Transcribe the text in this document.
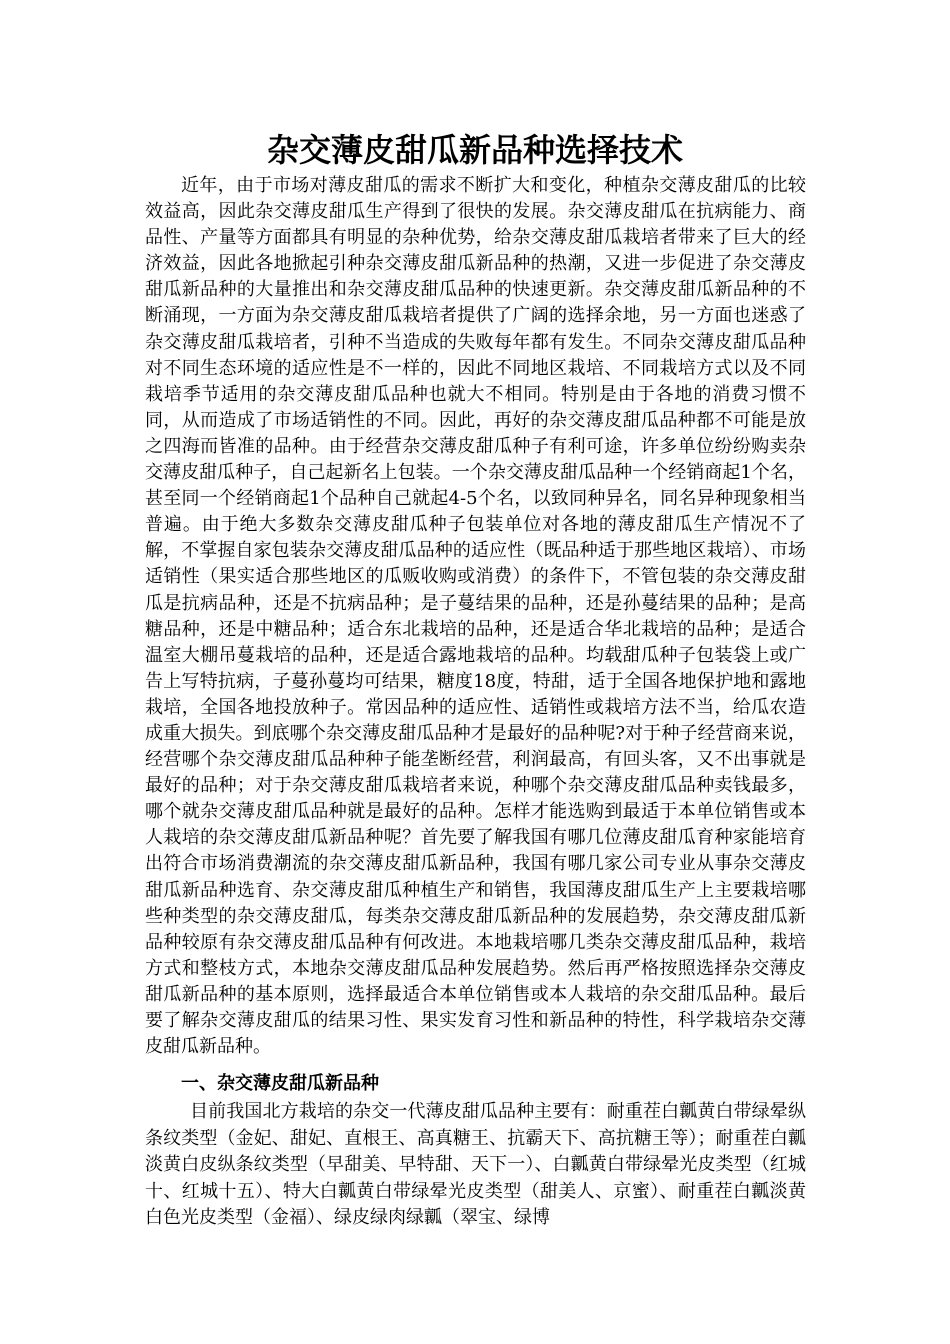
杂交薄皮甜瓜新品种选择技术

近年，由于市场对薄皮甜瓜的需求不断扩大和变化，种植杂交薄皮甜瓜的比较效益高，因此杂交薄皮甜瓜生产得到了很快的发展。杂交薄皮甜瓜在抗病能力、商品性、产量等方面都具有明显的杂种优势，给杂交薄皮甜瓜栽培者带来了巨大的经济效益，因此各地掀起引种杂交薄皮甜瓜新品种的热潮，又进一步促进了杂交薄皮甜瓜新品种的大量推出和杂交薄皮甜瓜品种的快速更新。杂交薄皮甜瓜新品种的不断涌现，一方面为杂交薄皮甜瓜栽培者提供了广阔的选择余地，另一方面也迷惑了杂交薄皮甜瓜栽培者，引种不当造成的失败每年都有发生。不同杂交薄皮甜瓜品种对不同生态环境的适应性是不一样的，因此不同地区栽培、不同栽培方式以及不同栽培季节适用的杂交薄皮甜瓜品种也就大不相同。特别是由于各地的消费习惯不同，从而造成了市场适销性的不同。因此，再好的杂交薄皮甜瓜品种都不可能是放之四海而皆准的品种。由于经营杂交薄皮甜瓜种子有利可途，许多单位纷纷购卖杂交薄皮甜瓜种子，自己起新名上包装。一个杂交薄皮甜瓜品种一个经销商起1个名，甚至同一个经销商起1个品种自己就起4-5个名，以致同种异名，同名异种现象相当普遍。由于绝大多数杂交薄皮甜瓜种子包装单位对各地的薄皮甜瓜生产情况不了解，不掌握自家包装杂交薄皮甜瓜品种的适应性（既品种适于那些地区栽培）、市场适销性（果实适合那些地区的瓜贩收购或消费）的条件下，不管包装的杂交薄皮甜瓜是抗病品种，还是不抗病品种；是子蔓结果的品种，还是孙蔓结果的品种；是高糖品种，还是中糖品种；适合东北栽培的品种，还是适合华北栽培的品种；是适合温室大棚吊蔓栽培的品种，还是适合露地栽培的品种。均载甜瓜种子包装袋上或广告上写特抗病，子蔓孙蔓均可结果，糖度18度，特甜，适于全国各地保护地和露地栽培，全国各地投放种子。常因品种的适应性、适销性或栽培方法不当，给瓜农造成重大损失。到底哪个杂交薄皮甜瓜品种才是最好的品种呢?对于种子经营商来说，经营哪个杂交薄皮甜瓜品种种子能垄断经营，利润最高，有回头客，又不出事就是最好的品种；对于杂交薄皮甜瓜栽培者来说，种哪个杂交薄皮甜瓜品种卖钱最多，哪个就杂交薄皮甜瓜品种就是最好的品种。怎样才能选购到最适于本单位销售或本人栽培的杂交薄皮甜瓜新品种呢？首先要了解我国有哪几位薄皮甜瓜育种家能培育出符合市场消费潮流的杂交薄皮甜瓜新品种，我国有哪几家公司专业从事杂交薄皮甜瓜新品种选育、杂交薄皮甜瓜种植生产和销售，我国薄皮甜瓜生产上主要栽培哪些种类型的杂交薄皮甜瓜，每类杂交薄皮甜瓜新品种的发展趋势，杂交薄皮甜瓜新品种较原有杂交薄皮甜瓜品种有何改进。本地栽培哪几类杂交薄皮甜瓜品种，栽培方式和整枝方式，本地杂交薄皮甜瓜品种发展趋势。然后再严格按照选择杂交薄皮甜瓜新品种的基本原则，选择最适合本单位销售或本人栽培的杂交甜瓜品种。最后要了解杂交薄皮甜瓜的结果习性、果实发育习性和新品种的特性，科学栽培杂交薄皮甜瓜新品种。

一、杂交薄皮甜瓜新品种

目前我国北方栽培的杂交一代薄皮甜瓜品种主要有：耐重茬白瓤黄白带绿晕纵条纹类型（金妃、甜妃、直根王、高真糖王、抗霸天下、高抗糖王等）；耐重茬白瓤淡黄白皮纵条纹类型（早甜美、早特甜、天下一）、白瓤黄白带绿晕光皮类型（红城十、红城十五）、特大白瓤黄白带绿晕光皮类型（甜美人、京蜜）、耐重茬白瓤淡黄白色光皮类型（金福）、绿皮绿肉绿瓤（翠宝、绿博
